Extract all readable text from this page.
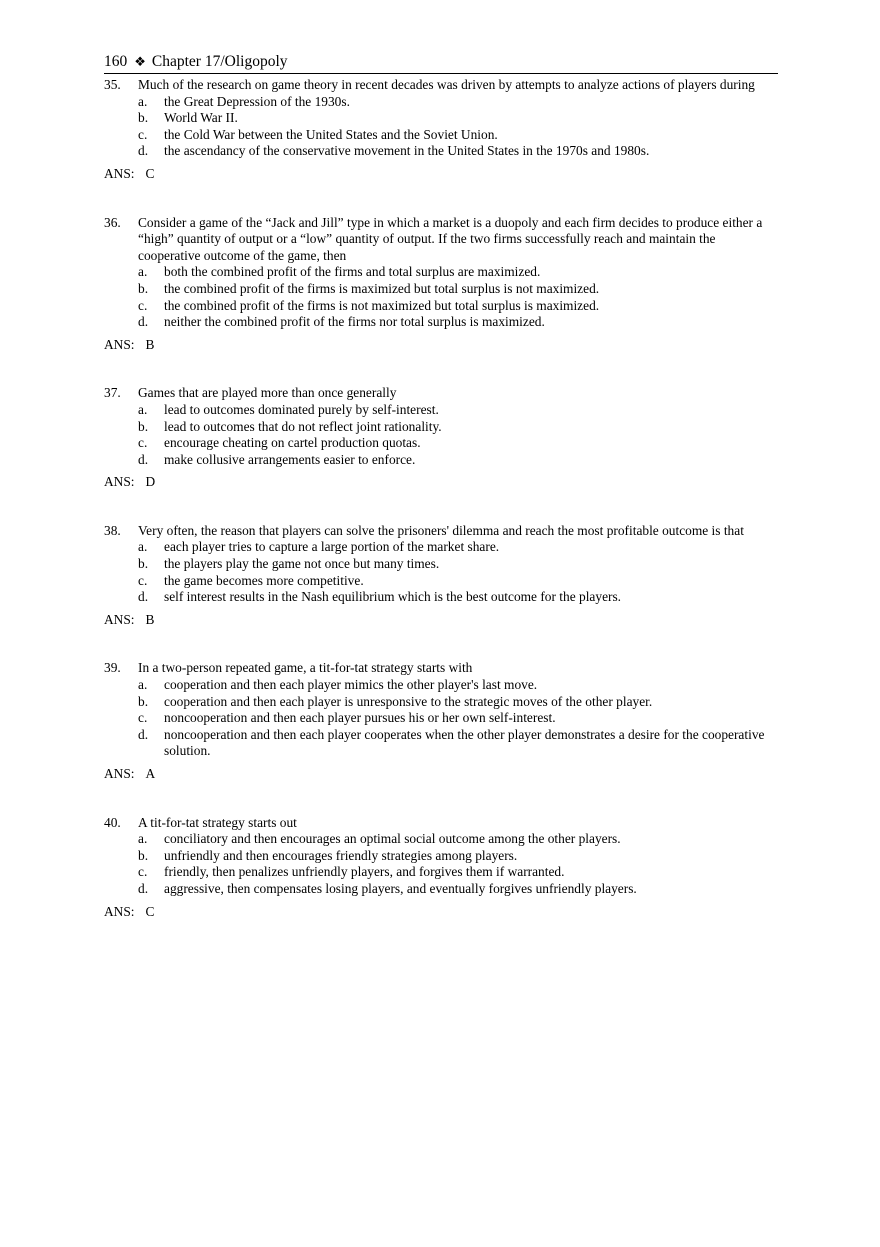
160 ❖ Chapter 17/Oligopoly
35. Much of the research on game theory in recent decades was driven by attempts to analyze actions of players during
a. the Great Depression of the 1930s.
b. World War II.
c. the Cold War between the United States and the Soviet Union.
d. the ascendancy of the conservative movement in the United States in the 1970s and 1980s.
ANS: C
36. Consider a game of the “Jack and Jill” type in which a market is a duopoly and each firm decides to produce either a “high” quantity of output or a “low” quantity of output. If the two firms successfully reach and maintain the cooperative outcome of the game, then
a. both the combined profit of the firms and total surplus are maximized.
b. the combined profit of the firms is maximized but total surplus is not maximized.
c. the combined profit of the firms is not maximized but total surplus is maximized.
d. neither the combined profit of the firms nor total surplus is maximized.
ANS: B
37. Games that are played more than once generally
a. lead to outcomes dominated purely by self-interest.
b. lead to outcomes that do not reflect joint rationality.
c. encourage cheating on cartel production quotas.
d. make collusive arrangements easier to enforce.
ANS: D
38. Very often, the reason that players can solve the prisoners' dilemma and reach the most profitable outcome is that
a. each player tries to capture a large portion of the market share.
b. the players play the game not once but many times.
c. the game becomes more competitive.
d. self interest results in the Nash equilibrium which is the best outcome for the players.
ANS: B
39. In a two-person repeated game, a tit-for-tat strategy starts with
a. cooperation and then each player mimics the other player's last move.
b. cooperation and then each player is unresponsive to the strategic moves of the other player.
c. noncooperation and then each player pursues his or her own self-interest.
d. noncooperation and then each player cooperates when the other player demonstrates a desire for the cooperative solution.
ANS: A
40. A tit-for-tat strategy starts out
a. conciliatory and then encourages an optimal social outcome among the other players.
b. unfriendly and then encourages friendly strategies among players.
c. friendly, then penalizes unfriendly players, and forgives them if warranted.
d. aggressive, then compensates losing players, and eventually forgives unfriendly players.
ANS: C
